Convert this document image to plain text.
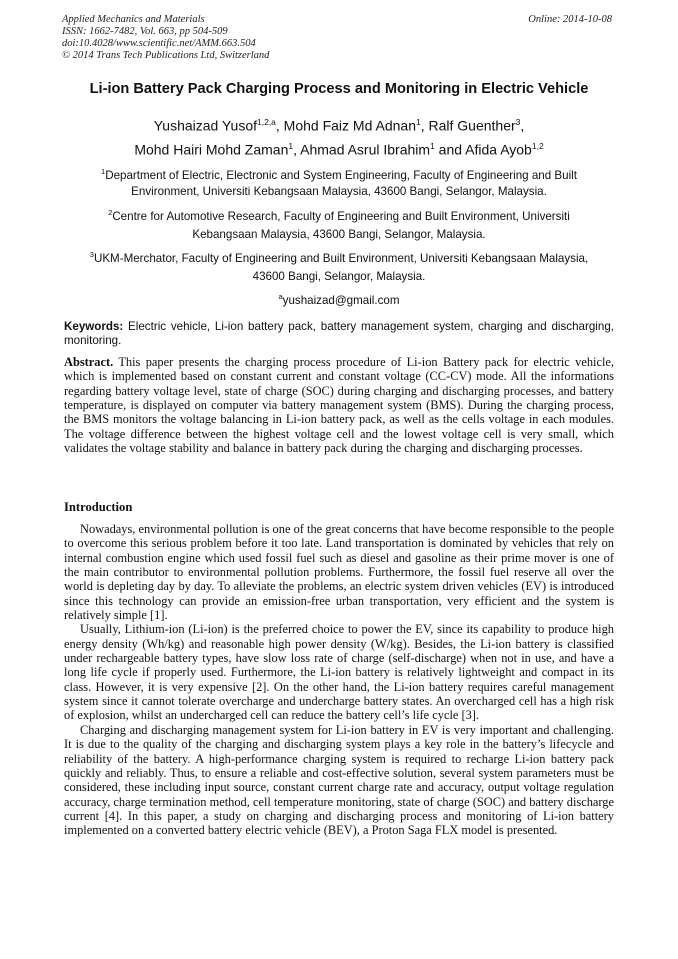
Applied Mechanics and Materials
ISSN: 1662-7482, Vol. 663, pp 504-509
doi:10.4028/www.scientific.net/AMM.663.504
© 2014 Trans Tech Publications Ltd, Switzerland
Online: 2014-10-08
Li-ion Battery Pack Charging Process and Monitoring in Electric Vehicle
Yushaizad Yusof$^{1,2,a}$, Mohd Faiz Md Adnan$^1$, Ralf Guenther$^3$,
Mohd Hairi Mohd Zaman$^1$, Ahmad Asrul Ibrahim$^1$ and Afida Ayob$^{1,2}$
$^1$Department of Electric, Electronic and System Engineering, Faculty of Engineering and Built
Environment, Universiti Kebangsaan Malaysia, 43600 Bangi, Selangor, Malaysia.
$^2$Centre for Automotive Research, Faculty of Engineering and Built Environment, Universiti
Kebangsaan Malaysia, 43600 Bangi, Selangor, Malaysia.
$^3$UKM-Merchator, Faculty of Engineering and Built Environment, Universiti Kebangsaan Malaysia,
43600 Bangi, Selangor, Malaysia.
$^a$yushaizad@gmail.com
Keywords: Electric vehicle, Li-ion battery pack, battery management system, charging and discharging, monitoring.
Abstract. This paper presents the charging process procedure of Li-ion Battery pack for electric vehicle, which is implemented based on constant current and constant voltage (CC-CV) mode. All the informations regarding battery voltage level, state of charge (SOC) during charging and discharging processes, and battery temperature, is displayed on computer via battery management system (BMS). During the charging process, the BMS monitors the voltage balancing in Li-ion battery pack, as well as the cells voltage in each modules. The voltage difference between the highest voltage cell and the lowest voltage cell is very small, which validates the voltage stability and balance in battery pack during the charging and discharging processes.
Introduction
Nowadays, environmental pollution is one of the great concerns that have become responsible to the people to overcome this serious problem before it too late. Land transportation is dominated by vehicles that rely on internal combustion engine which used fossil fuel such as diesel and gasoline as their prime mover is one of the main contributor to environmental pollution problems. Furthermore, the fossil fuel reserve all over the world is depleting day by day. To alleviate the problems, an electric system driven vehicles (EV) is introduced since this technology can provide an emission-free urban transportation, very efficient and the system is relatively simple [1].
Usually, Lithium-ion (Li-ion) is the preferred choice to power the EV, since its capability to produce high energy density (Wh/kg) and reasonable high power density (W/kg). Besides, the Li-ion battery is classified under rechargeable battery types, have slow loss rate of charge (self-discharge) when not in use, and have a long life cycle if properly used. Furthermore, the Li-ion battery is relatively lightweight and compact in its class. However, it is very expensive [2]. On the other hand, the Li-ion battery requires careful management system since it cannot tolerate overcharge and undercharge battery states. An overcharged cell has a high risk of explosion, whilst an undercharged cell can reduce the battery cell’s life cycle [3].
Charging and discharging management system for Li-ion battery in EV is very important and challenging. It is due to the quality of the charging and discharging system plays a key role in the battery’s lifecycle and reliability of the battery. A high-performance charging system is required to recharge Li-ion battery pack quickly and reliably. Thus, to ensure a reliable and cost-effective solution, several system parameters must be considered, these including input source, constant current charge rate and accuracy, output voltage regulation accuracy, charge termination method, cell temperature monitoring, state of charge (SOC) and battery discharge current [4]. In this paper, a study on charging and discharging process and monitoring of Li-ion battery implemented on a converted battery electric vehicle (BEV), a Proton Saga FLX model is presented.
